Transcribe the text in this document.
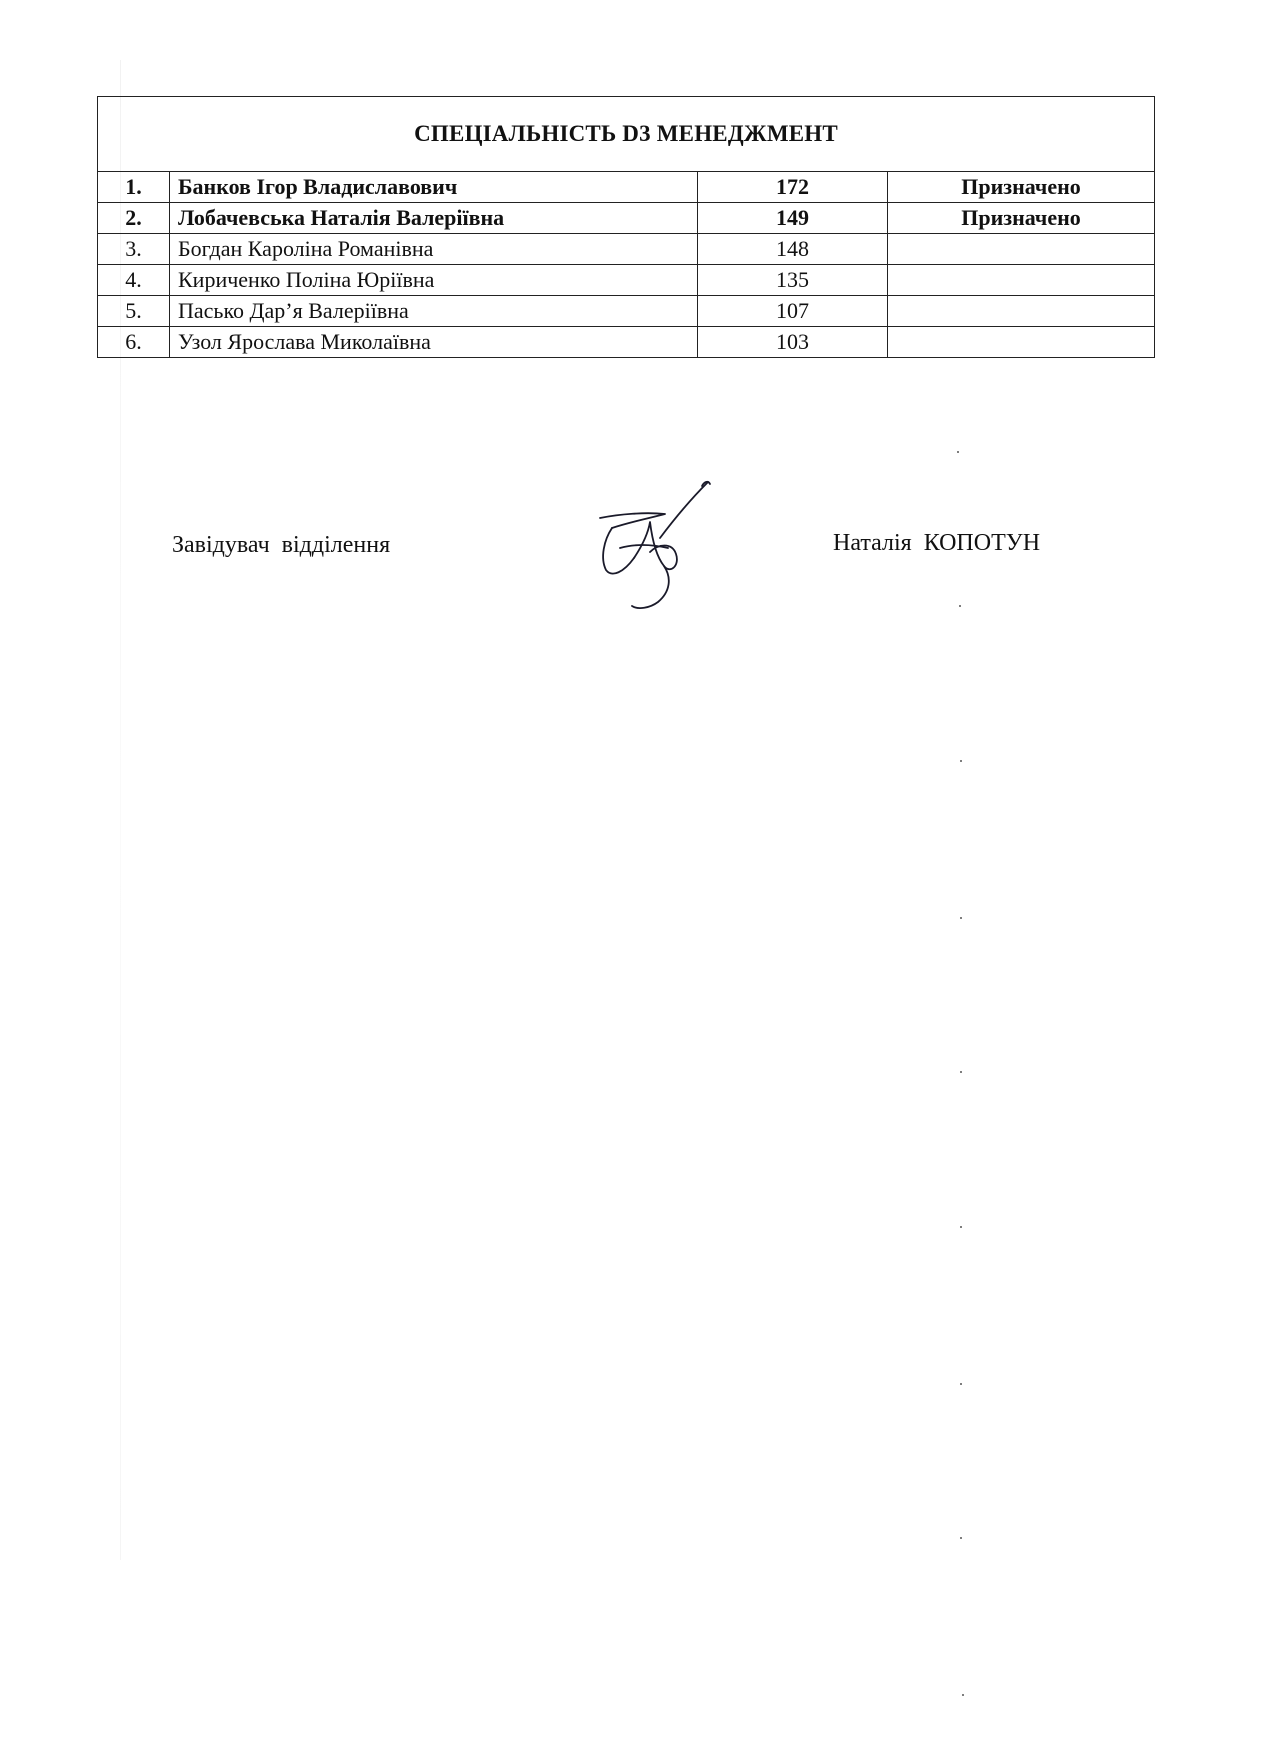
СПЕЦІАЛЬНІСТЬ D3 МЕНЕДЖМЕНТ			
1.	Банков Ігор Владиславович	172	Призначено
2.	Лобачевська Наталія Валеріївна	149	Призначено
3.	Богдан Кароліна Романівна	148	
4.	Кириченко Поліна Юріївна	135	
5.	Пасько Дар’я Валеріївна	107	
6.	Узол Ярослава Миколаївна	103	
Завідувач відділення	Наталія КОПОТУН
